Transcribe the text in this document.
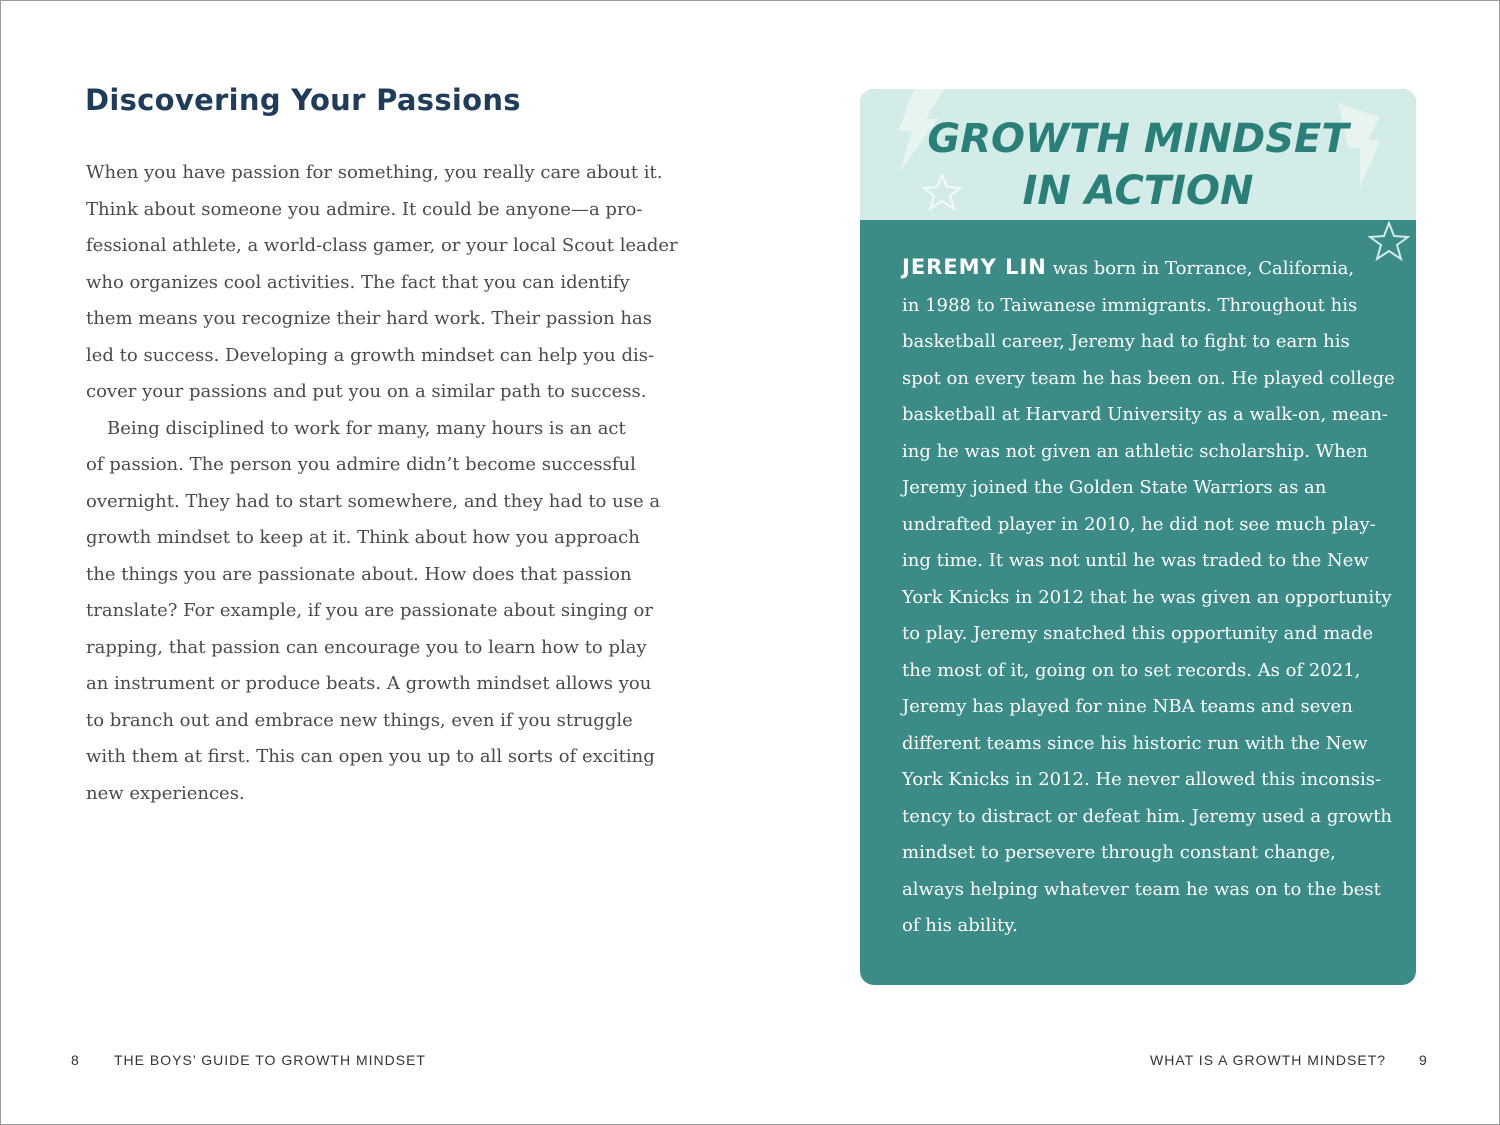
Discovering Your Passions
When you have passion for something, you really care about it.
Think about someone you admire. It could be anyone—a pro-
fessional athlete, a world-class gamer, or your local Scout leader
who organizes cool activities. The fact that you can identify
them means you recognize their hard work. Their passion has
led to success. Developing a growth mindset can help you dis-
cover your passions and put you on a similar path to success.
Being disciplined to work for many, many hours is an act
of passion. The person you admire didn’t become successful
overnight. They had to start somewhere, and they had to use a
growth mindset to keep at it. Think about how you approach
the things you are passionate about. How does that passion
translate? For example, if you are passionate about singing or
rapping, that passion can encourage you to learn how to play
an instrument or produce beats. A growth mindset allows you
to branch out and embrace new things, even if you struggle
with them at first. This can open you up to all sorts of exciting
new experiences.
GROWTH MINDSET
IN ACTION
JEREMY LIN was born in Torrance, California,
in 1988 to Taiwanese immigrants. Throughout his
basketball career, Jeremy had to fight to earn his
spot on every team he has been on. He played college
basketball at Harvard University as a walk-on, mean-
ing he was not given an athletic scholarship. When
Jeremy joined the Golden State Warriors as an
undrafted player in 2010, he did not see much play-
ing time. It was not until he was traded to the New
York Knicks in 2012 that he was given an opportunity
to play. Jeremy snatched this opportunity and made
the most of it, going on to set records. As of 2021,
Jeremy has played for nine NBA teams and seven
different teams since his historic run with the New
York Knicks in 2012. He never allowed this inconsis-
tency to distract or defeat him. Jeremy used a growth
mindset to persevere through constant change,
always helping whatever team he was on to the best
of his ability.
8 THE BOYS’ GUIDE TO GROWTH MINDSET	WHAT IS A GROWTH MINDSET? 9
